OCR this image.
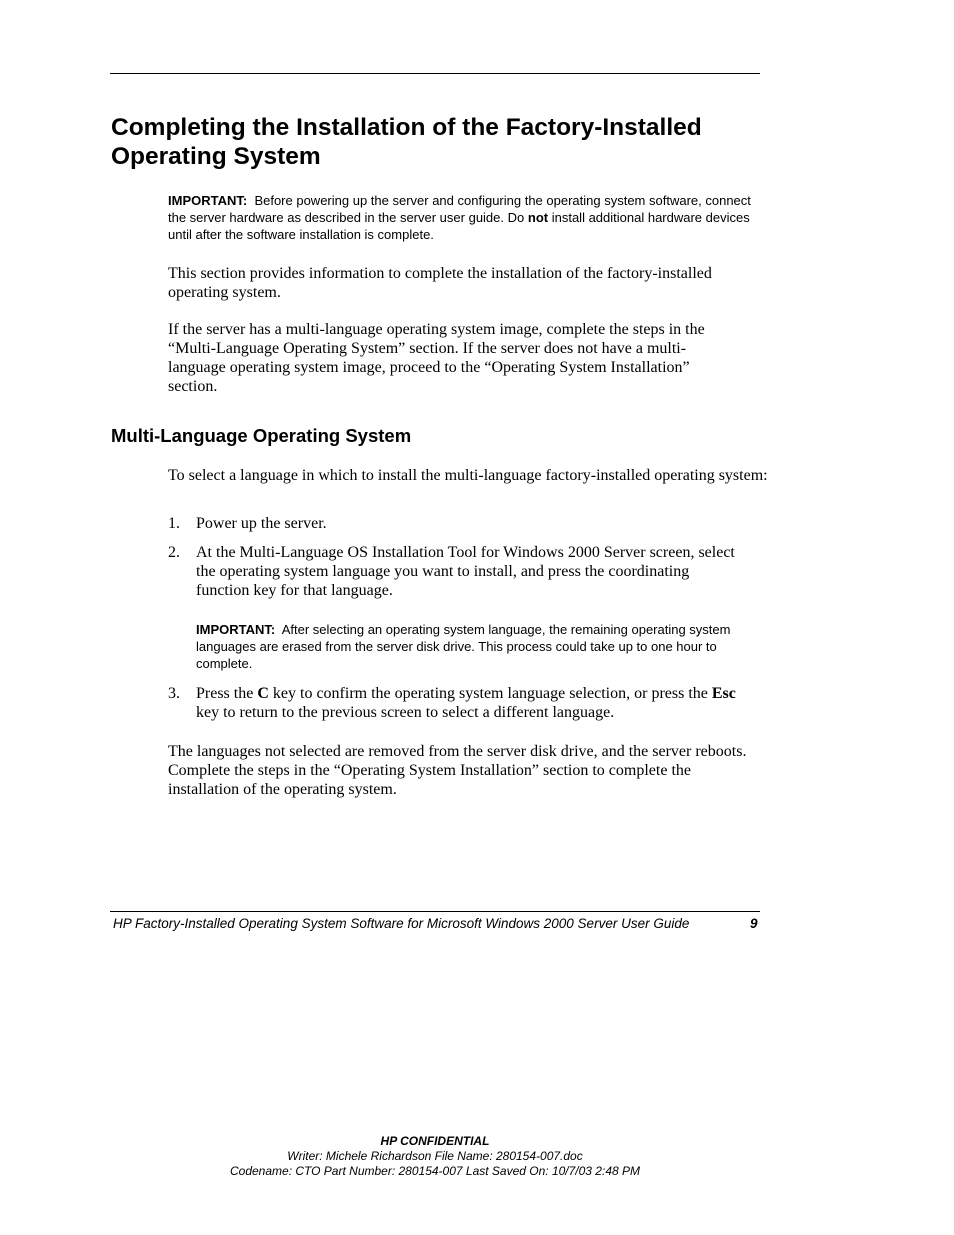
Completing the Installation of the Factory-Installed Operating System

IMPORTANT: Before powering up the server and configuring the operating system software, connect the server hardware as described in the server user guide. Do not install additional hardware devices until after the software installation is complete.

This section provides information to complete the installation of the factory-installed operating system.

If the server has a multi-language operating system image, complete the steps in the “Multi-Language Operating System” section. If the server does not have a multi-language operating system image, proceed to the “Operating System Installation” section.

Multi-Language Operating System

To select a language in which to install the multi-language factory-installed operating system:

1.	Power up the server.
2.	At the Multi-Language OS Installation Tool for Windows 2000 Server screen, select the operating system language you want to install, and press the coordinating function key for that language.

IMPORTANT: After selecting an operating system language, the remaining operating system languages are erased from the server disk drive. This process could take up to one hour to complete.

3.	Press the C key to confirm the operating system language selection, or press the Esc key to return to the previous screen to select a different language.

The languages not selected are removed from the server disk drive, and the server reboots. Complete the steps in the “Operating System Installation” section to complete the installation of the operating system.

HP Factory-Installed Operating System Software for Microsoft Windows 2000 Server User Guide	9

HP CONFIDENTIAL

Writer: Michele Richardson File Name: 280154-007.doc

Codename: CTO Part Number: 280154-007 Last Saved On: 10/7/03 2:48 PM
